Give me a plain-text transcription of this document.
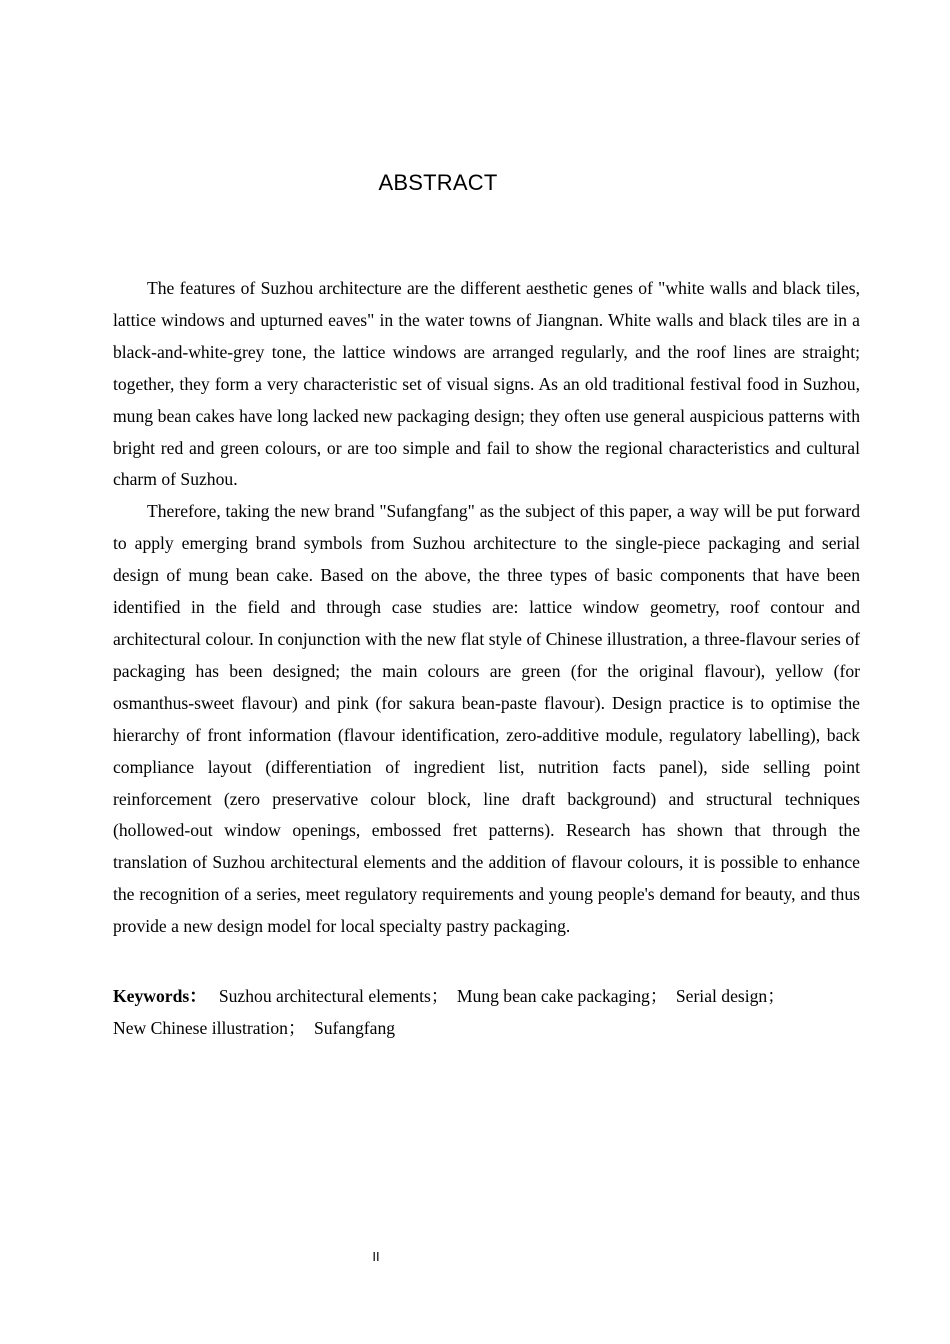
ABSTRACT

The features of Suzhou architecture are the different aesthetic genes of "white walls and black tiles, lattice windows and upturned eaves" in the water towns of Jiangnan. White walls and black tiles are in a black-and-white-grey tone, the lattice windows are arranged regularly, and the roof lines are straight; together, they form a very characteristic set of visual signs. As an old traditional festival food in Suzhou, mung bean cakes have long lacked new packaging design; they often use general auspicious patterns with bright red and green colours, or are too simple and fail to show the regional characteristics and cultural charm of Suzhou.

Therefore, taking the new brand "Sufangfang" as the subject of this paper, a way will be put forward to apply emerging brand symbols from Suzhou architecture to the single-piece packaging and serial design of mung bean cake. Based on the above, the three types of basic components that have been identified in the field and through case studies are: lattice window geometry, roof contour and architectural colour. In conjunction with the new flat style of Chinese illustration, a three-flavour series of packaging has been designed; the main colours are green (for the original flavour), yellow (for osmanthus-sweet flavour) and pink (for sakura bean-paste flavour). Design practice is to optimise the hierarchy of front information (flavour identification, zero-additive module, regulatory labelling), back compliance layout (differentiation of ingredient list, nutrition facts panel), side selling point reinforcement (zero preservative colour block, line draft background) and structural techniques (hollowed-out window openings, embossed fret patterns). Research has shown that through the translation of Suzhou architectural elements and the addition of flavour colours, it is possible to enhance the recognition of a series, meet regulatory requirements and young people's demand for beauty, and thus provide a new design model for local specialty pastry packaging.

Keywords： Suzhou architectural elements； Mung bean cake packaging； Serial design；
New Chinese illustration； Sufangfang
II
